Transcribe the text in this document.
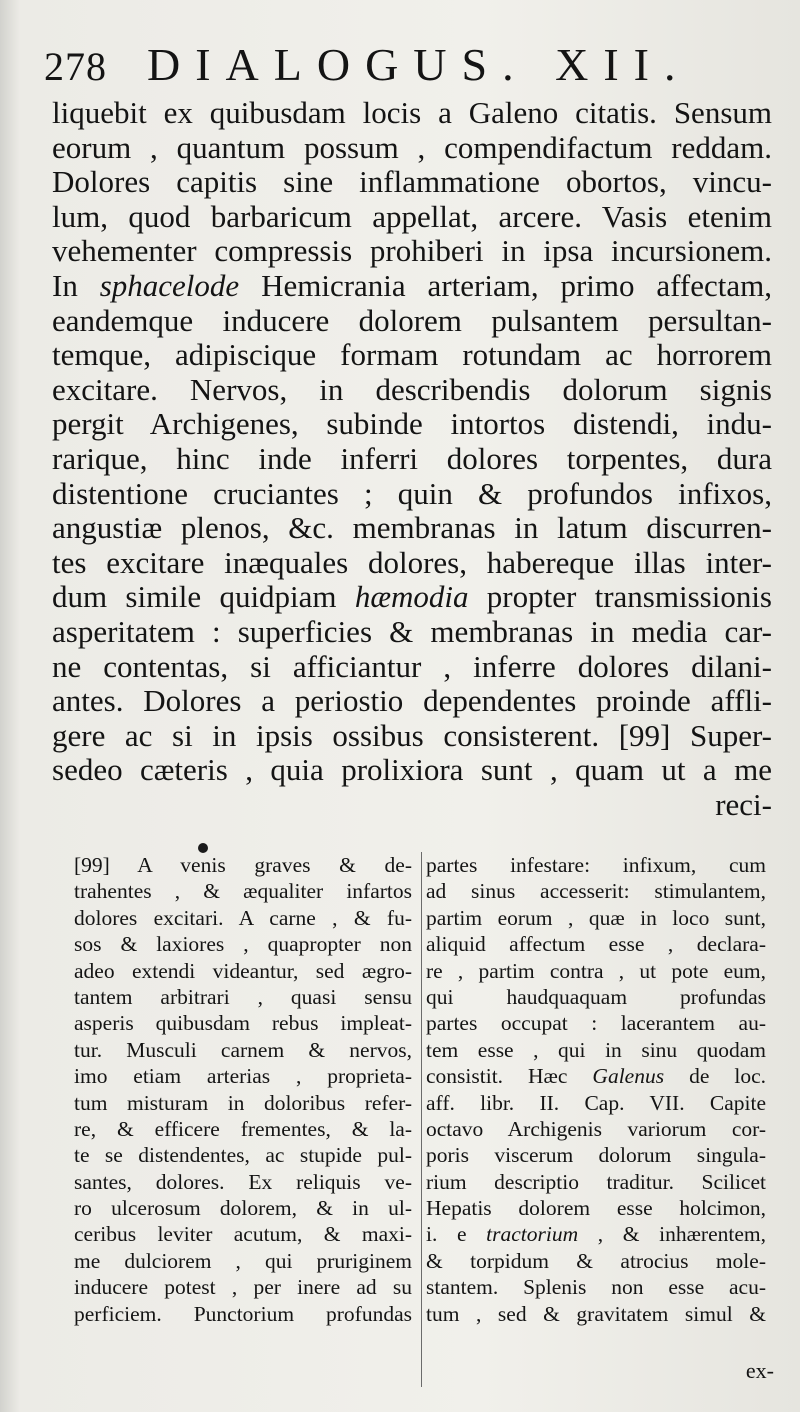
278 DIALOGUS. XII.
liquebit ex quibusdam locis a Galeno citatis. Sensum
eorum , quantum possum , compendifactum reddam.
Dolores capitis sine inflammatione obortos, vincu-
lum, quod barbaricum appellat, arcere. Vasis etenim
vehementer compressis prohiberi in ipsa incursionem.
In sphacelode Hemicrania arteriam, primo affectam,
eandemque inducere dolorem pulsantem persultan-
temque, adipiscique formam rotundam ac horrorem
excitare. Nervos, in describendis dolorum signis
pergit Archigenes, subinde intortos distendi, indu-
rarique, hinc inde inferri dolores torpentes, dura
distentione cruciantes ; quin & profundos infixos,
angustiæ plenos, &c. membranas in latum discurren-
tes excitare inæquales dolores, habereque illas inter-
dum simile quidpiam hæmodia propter transmissionis
asperitatem : superficies & membranas in media car-
ne contentas, si afficiantur , inferre dolores dilani-
antes. Dolores a periostio dependentes proinde affli-
gere ac si in ipsis ossibus consisterent. [99] Super-
sedeo cæteris , quia prolixiora sunt , quam ut a me
reci-
[99] A venis graves & de-
trahentes , & æqualiter infartos
dolores excitari. A carne , & fu-
sos & laxiores , quapropter non
adeo extendi videantur, sed ægro-
tantem arbitrari , quasi sensu
asperis quibusdam rebus impleat-
tur. Musculi carnem & nervos,
imo etiam arterias , proprieta-
tum misturam in doloribus refer-
re, & efficere frementes, & la-
te se distendentes, ac stupide pul-
santes, dolores. Ex reliquis ve-
ro ulcerosum dolorem, & in ul-
ceribus leviter acutum, & maxi-
me dulciorem , qui pruriginem
inducere potest , per inere ad su
perficiem. Punctorium profundas
partes infestare: infixum, cum
ad sinus accesserit: stimulantem,
partim eorum , quæ in loco sunt,
aliquid affectum esse , declara-
re , partim contra , ut pote eum,
qui haudquaquam profundas
partes occupat : lacerantem au-
tem esse , qui in sinu quodam
consistit. Hæc Galenus de loc.
aff. libr. II. Cap. VII. Capite
octavo Archigenis variorum cor-
poris viscerum dolorum singula-
rium descriptio traditur. Scilicet
Hepatis dolorem esse holcimon,
i. e tractorium , & inhærentem,
& torpidum & atrocius mole-
stantem. Splenis non esse acu-
tum , sed & gravitatem simul &
ex-
